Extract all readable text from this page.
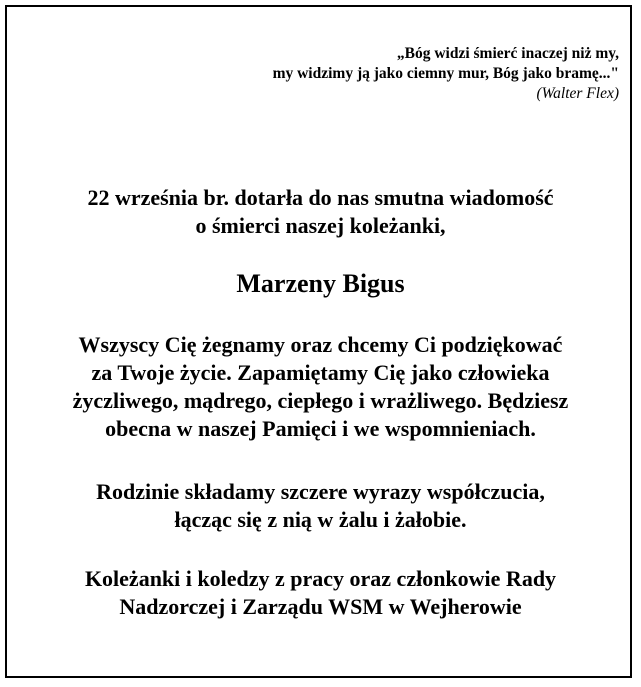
„Bóg widzi śmierć inaczej niż my,
my widzimy ją jako ciemny mur, Bóg jako bramę..."
(Walter Flex)
22 września br. dotarła do nas smutna wiadomość
o śmierci naszej koleżanki,
Marzeny Bigus
Wszyscy Cię żegnamy oraz chcemy Ci podziękować
za Twoje życie. Zapamiętamy Cię jako człowieka
życzliwego, mądrego, ciepłego i wrażliwego. Będziesz
obecna w naszej Pamięci i we wspomnieniach.
Rodzinie składamy szczere wyrazy współczucia,
łącząc się z nią w żalu i żałobie.
Koleżanki i koledzy z pracy oraz członkowie Rady
Nadzorczej i Zarządu WSM w Wejherowie
